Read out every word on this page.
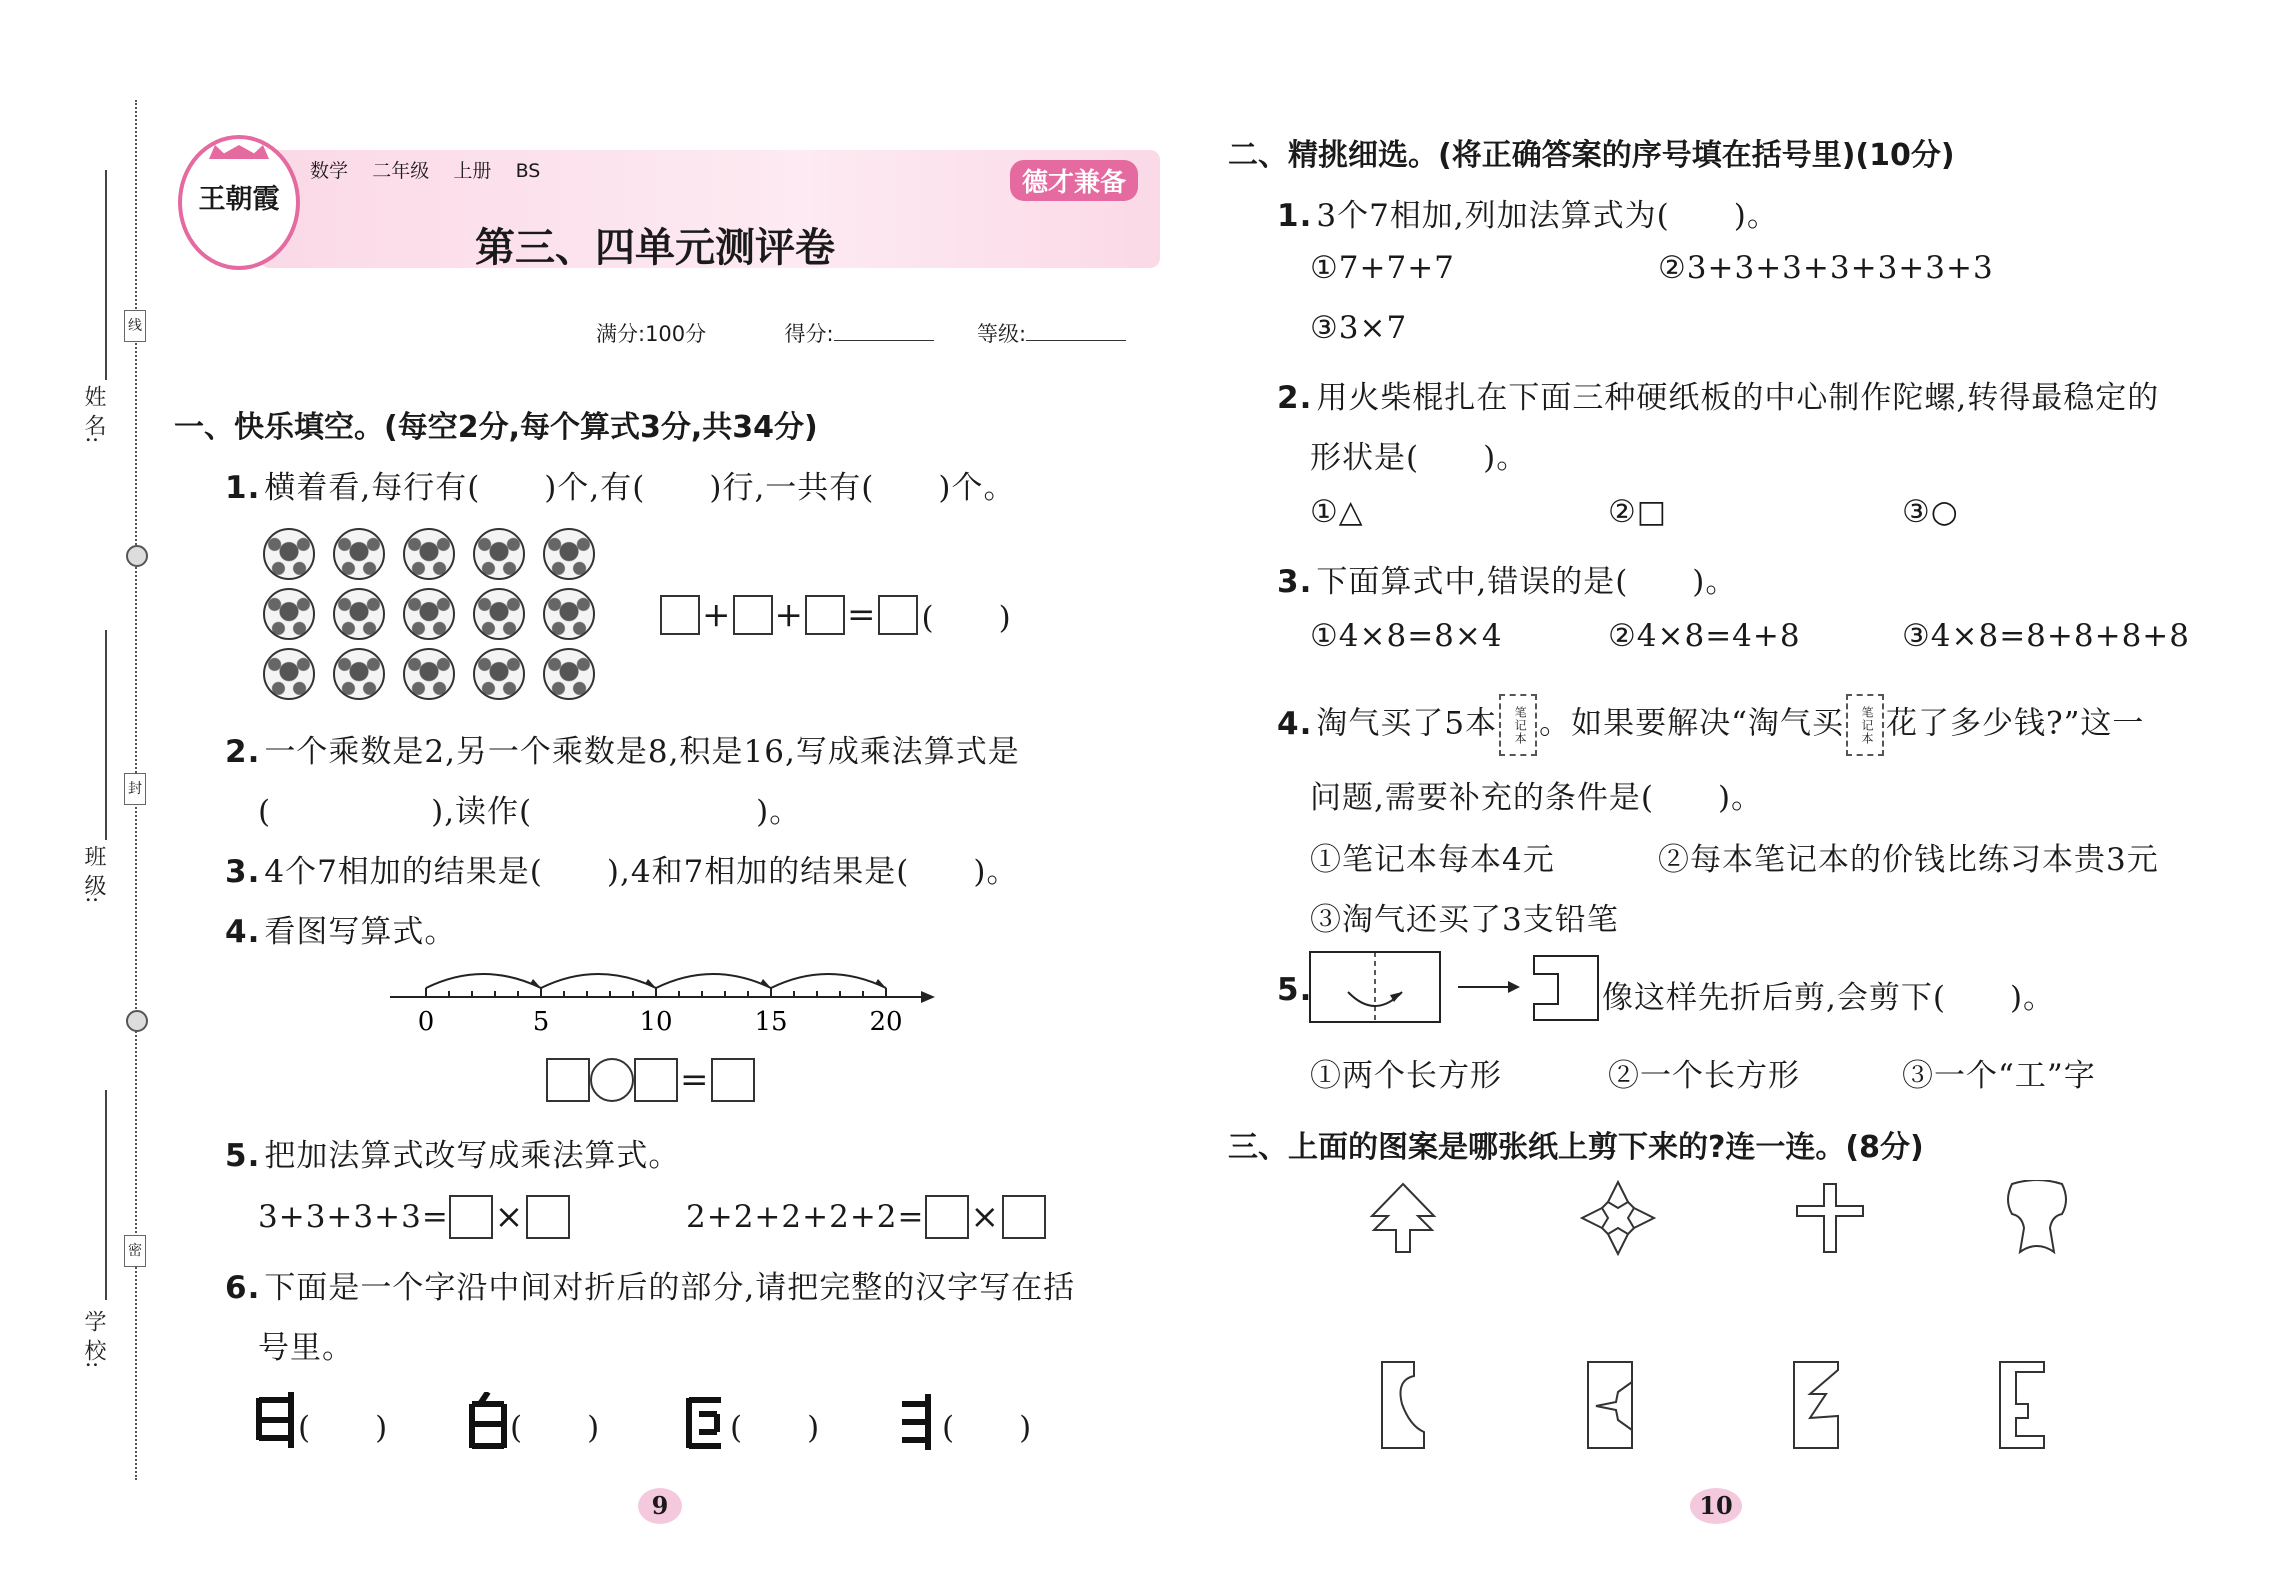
姓 名:
班 级:
学 校:
线
封
密
王朝霞
数学 二年级 上册 BS	德才兼备
第三、四单元测评卷
满分:100分	得分:	等级:
一、快乐填空。(每空2分,每个算式3分,共34分)
1. 横着看,每行有(　　)个,有(　　)行,一共有(　　)个。
+ + = (　　)
2. 一个乘数是2,另一个乘数是8,积是16,写成乘法算式是
(　　　　　),读作(　　　　　　　)。
3. 4个7相加的结果是(　　),4和7相加的结果是(　　)。
4. 看图写算式。
0	5	10	15	20
=
5. 把加法算式改写成乘法算式。
3+3+3+3= ×	2+2+2+2+2= ×
6. 下面是一个字沿中间对折后的部分,请把完整的汉字写在括
号里。
(　　)	(　　)	(　　)	(　　)
9
二、精挑细选。(将正确答案的序号填在括号里)(10分)
1. 3个7相加,列加法算式为(　　)。
①7+7+7	②3+3+3+3+3+3+3
③3×7
2. 用火柴棍扎在下面三种硬纸板的中心制作陀螺,转得最稳定的
形状是(　　)。
①△	②□	③○
3. 下面算式中,错误的是(　　)。
①4×8=8×4	②4×8=4+8	③4×8=8+8+8+8
4. 淘气买了5本 笔记本 。如果要解决“淘气买 笔记本 花了多少钱?”这一
问题,需要补充的条件是(　　)。
①笔记本每本4元	②每本笔记本的价钱比练习本贵3元
③淘气还买了3支铅笔
5.	像这样先折后剪,会剪下(　　)。
①两个长方形	②一个长方形	③一个“工”字
三、上面的图案是哪张纸上剪下来的?连一连。(8分)
10
